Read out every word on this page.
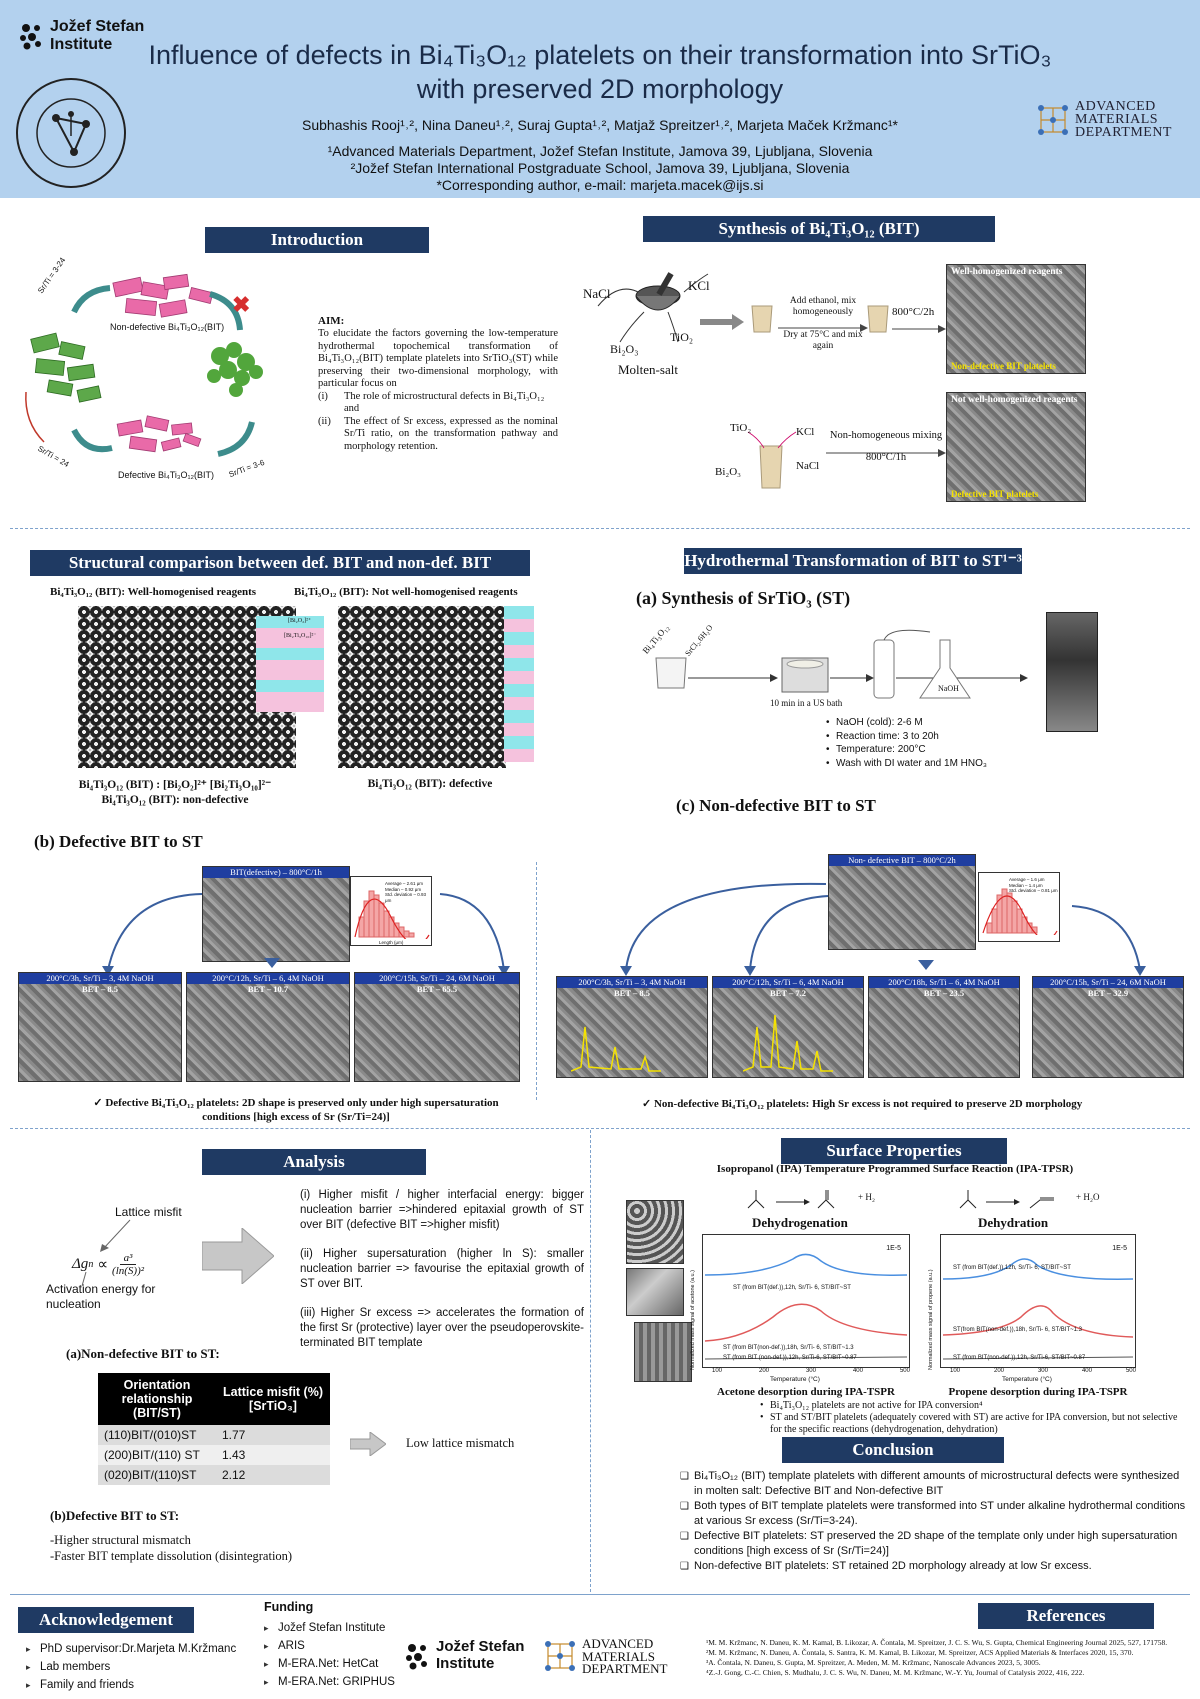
Jožef Stefan
Institute	Influence of defects in Bi₄Ti₃O₁₂ platelets on their transformation into SrTiO₃
with preserved 2D morphology
Subhashis Rooj¹˒², Nina Daneu¹˒², Suraj Gupta¹˒², Matjaž Spreitzer¹˒², Marjeta Maček Kržmanc¹*
¹Advanced Materials Department, Jožef Stefan Institute, Jamova 39, Ljubljana, Slovenia
²Jožef Stefan International Postgraduate School, Jamova 39, Ljubljana, Slovenia
*Corresponding author, e-mail: marjeta.macek@ijs.si
ADVANCED
MATERIALS
DEPARTMENT
Introduction
✖
Sr/Ti = 3-24
Non-defective Bi₄Ti₃O₁₂(BIT)
Defective Bi₄Ti₃O₁₂(BIT)
Sr/Ti = 24	Sr/Ti = 3-6
AIM:
To elucidate the factors governing the low-temperature hydrothermal topochemical transformation of Bi₄Ti₃O₁₂(BIT) template platelets into SrTiO₃(ST) while preserving their two-dimensional morphology, with particular focus on
(i)	The role of microstructural defects in Bi₄Ti₃O₁₂ and
(ii)	The effect of Sr excess, expressed as the nominal Sr/Ti ratio, on the transformation pathway and morphology retention.
Synthesis of Bi₄Ti₃O₁₂ (BIT)
NaCl
KCl
TiO₂
Bi₂O₃
Molten-salt
Add ethanol, mix homogeneously
Dry at 75°C and mix again
800°C/2h
Well-homogenized reagents
Non-defective BIT platelets
TiO₂	KCl
Bi₂O₃	NaCl
Non-homogeneous mixing
800°C/1h
Not well-homogenized reagents
Defective BIT platelets
Structural comparison between def. BIT and non-def. BIT
Bi₄Ti₃O₁₂ (BIT): Well-homogenised reagents	Bi₄Ti₃O₁₂ (BIT): Not well-homogenised reagents
[Bi₂O₂]²⁺
[Bi₂Ti₃O₁₀]²⁻
Bi₄Ti₃O₁₂ (BIT) : [Bi₂O₂]²⁺ [Bi₂Ti₃O₁₀]²⁻
Bi₄Ti₃O₁₂ (BIT): non-defective
Bi₄Ti₃O₁₂ (BIT): defective
Hydrothermal Transformation of BIT to ST¹⁻³
(a) Synthesis of SrTiO₃ (ST)
Bi₄Ti₃O₁₂ SrCl₂.6H₂O
NaOH
10 min in a US bath
• NaOH (cold): 2-6 M
• Reaction time: 3 to 20h
• Temperature: 200°C
• Wash with DI water and 1M HNO₃
(c) Non-defective BIT to ST
(b) Defective BIT to ST
BIT(defective) – 800°C/1h
Average – 2.61 μm
Median – 0.92 μm
Std. deviation – 0.93 μm
Length (μm)
200°C/3h, Sr/Ti – 3, 4M NaOH
BET – 8.5
200°C/12h, Sr/Ti – 6, 4M NaOH
BET – 10.7
200°C/15h, Sr/Ti – 24, 6M NaOH
BET – 65.5
✓ Defective Bi₄Ti₃O₁₂ platelets: 2D shape is preserved only under high supersaturation conditions [high excess of Sr (Sr/Ti=24)]
Non- defective BIT – 800°C/2h
Average – 1.6 μm
Median – 1.4 μm
Std. deviation – 0.81 μm
200°C/3h, Sr/Ti – 3, 4M NaOH
BET – 8.5
200°C/12h, Sr/Ti – 6, 4M NaOH
BET – 7.2
200°C/18h, Sr/Ti – 6, 4M NaOH
BET – 23.5
200°C/15h, Sr/Ti – 24, 6M NaOH
BET – 32.9
✓ Non-defective Bi₄Ti₃O₁₂ platelets: High Sr excess is not required to preserve 2D morphology
Analysis
Lattice misfit
Δg $n \propto \frac{\text{a³}}{\text{(ln(S))²}}$
Activation energy for nucleation
(i) Higher misfit / higher interfacial energy: bigger nucleation barrier =>hindered epitaxial growth of ST over BIT (defective BIT =>higher misfit)
(ii) Higher supersaturation (higher ln S): smaller nucleation barrier => favourise the epitaxial growth of ST over BIT.
(iii) Higher Sr excess => accelerates the formation of the first Sr (protective) layer over the pseudoperovskite-terminated BIT template
(a)Non-defective BIT to ST:
Orientation relationship (BIT/ST)	Lattice misfit (%) [SrTiO₃]
(110)BIT/(010)ST	1.77
(200)BIT/(110) ST	1.43
(020)BIT/(110)ST	2.12
Low lattice mismatch
(b)Defective BIT to ST:
-Higher structural mismatch
-Faster BIT template dissolution (disintegration)
Surface Properties
Isopropanol (IPA) Temperature Programmed Surface Reaction (IPA-TPSR)
+ H₂	+ H₂O
Dehydrogenation
1E-5
ST (from BIT(def.)),12h, Sr/Ti- 6, ST/BIT~ST
ST (from BIT(non-def.)),18h, Sr/Ti- 6, ST/BIT~1.3
ST (from BIT (non-def.)),12h, Sr/Ti-6, ST/BIT~0.87
Normalized mass signal of acetone (a.u.)
100	200	300	400	500
Temperature (°C)
Acetone desorption during IPA-TSPR
Dehydration
1E-5
ST (from BIT(def.)),12h, Sr/Ti- 6, ST/BIT~ST
ST(from BIT(non-def.)),18h, Sr/Ti- 6, ST/BIT~1.3
ST (from BIT(non-def.)),12h, Sr/Ti-6, ST/BIT~0.87
Normalized mass signal of propene (a.u.)
100	200	300	400	500
Temperature (°C)
Propene desorption during IPA-TSPR
• Bi₄Ti₃O₁₂ platelets are not active for IPA conversion⁴
• ST and ST/BIT platelets (adequately covered with ST) are active for IPA conversion, but not selective for the specific reactions (dehydrogenation, dehydration)
Conclusion
❑ Bi₄Ti₃O₁₂ (BIT) template platelets with different amounts of microstructural defects were synthesized in molten salt: Defective BIT and Non-defective BIT
❑ Both types of BIT template platelets were transformed into ST under alkaline hydrothermal conditions at various Sr excess (Sr/Ti=3-24).
❑ Defective BIT platelets: ST preserved the 2D shape of the template only under high supersaturation conditions [high excess of Sr (Sr/Ti=24)]
❑ Non-defective BIT platelets: ST retained 2D morphology already at low Sr excess.
Acknowledgement
▸ PhD supervisor:Dr.Marjeta M.Kržmanc
▸ Lab members
▸ Family and friends
Funding
▸ Jožef Stefan Institute
▸ ARIS
▸ M-ERA.Net: HetCat
▸ M-ERA.Net: GRIPHUS
Jožef Stefan
Institute
ADVANCED
MATERIALS
DEPARTMENT
References
¹M. M. Kržmanc, N. Daneu, K. M. Kamal, B. Likozar, A. Čontala, M. Spreitzer, J. C. S. Wu, S. Gupta, Chemical Engineering Journal 2025, 527, 171758.
²M. M. Kržmanc, N. Daneu, A. Čontala, S. Santra, K. M. Kamal, B. Likozar, M. Spreitzer, ACS Applied Materials & Interfaces 2020, 15, 370.
³A. Čontala, N. Daneu, S. Gupta, M. Spreitzer, A. Meden, M. M. Kržmanc, Nanoscale Advances 2023, 5, 3005.
⁴Z.-J. Gong, C.-C. Chien, S. Mudhalu, J. C. S. Wu, N. Daneu, M. M. Kržmanc, W.-Y. Yu, Journal of Catalysis 2022, 416, 222.
